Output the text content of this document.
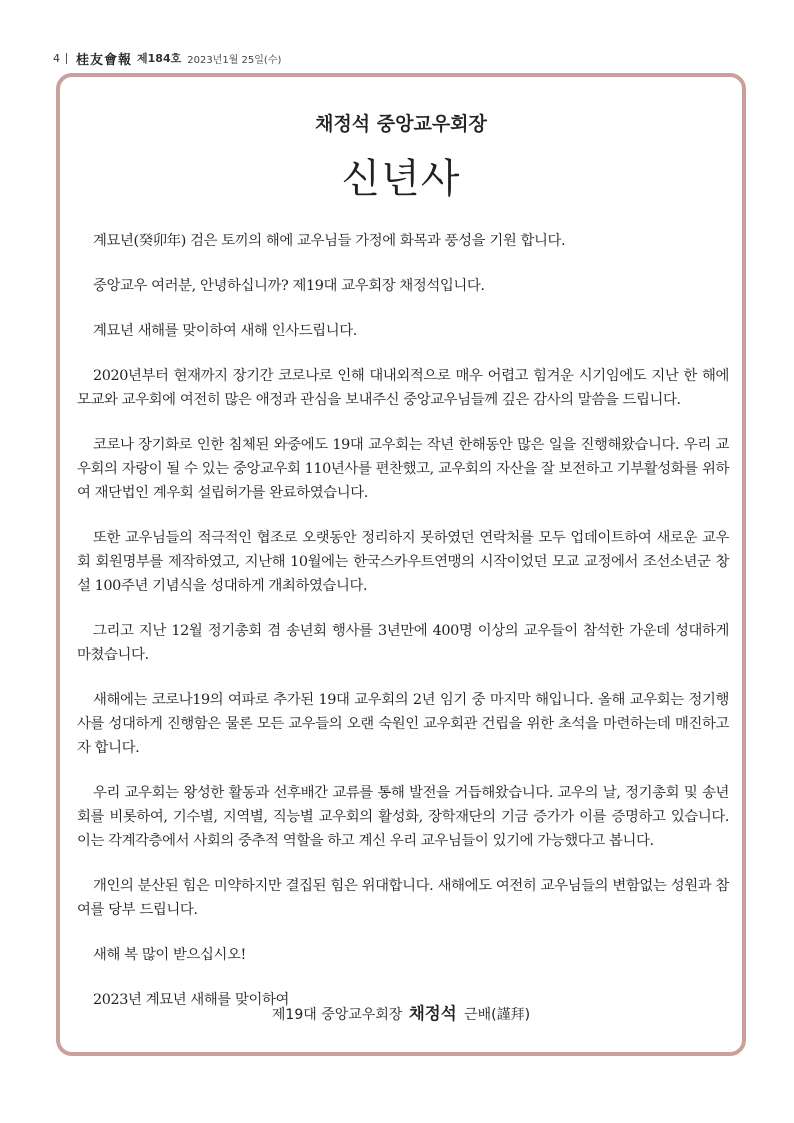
4 桂友會報 제184호 2023년1월 25일(수)
채정석 중앙교우회장
신년사

계묘년(癸卯年) 검은 토끼의 해에 교우님들 가정에 화목과 풍성을 기원 합니다.

중앙교우 여러분, 안녕하십니까? 제19대 교우회장 채정석입니다.

계묘년 새해를 맞이하여 새해 인사드립니다.

2020년부터 현재까지 장기간 코로나로 인해 대내외적으로 매우 어렵고 힘겨운 시기임에도 지난 한 해에 모교와 교우회에 여전히 많은 애정과 관심을 보내주신 중앙교우님들께 깊은 감사의 말씀을 드립니다.

코로나 장기화로 인한 침체된 와중에도 19대 교우회는 작년 한해동안 많은 일을 진행해왔습니다. 우리 교우회의 자랑이 될 수 있는 중앙교우회 110년사를 편찬했고, 교우회의 자산을 잘 보전하고 기부활성화를 위하여 재단법인 계우회 설립허가를 완료하였습니다.

또한 교우님들의 적극적인 협조로 오랫동안 정리하지 못하였던 연락처를 모두 업데이트하여 새로운 교우회 회원명부를 제작하였고, 지난해 10월에는 한국스카우트연맹의 시작이었던 모교 교정에서 조선소년군 창설 100주년 기념식을 성대하게 개최하였습니다.

그리고 지난 12월 정기총회 겸 송년회 행사를 3년만에 400명 이상의 교우들이 참석한 가운데 성대하게 마쳤습니다.

새해에는 코로나19의 여파로 추가된 19대 교우회의 2년 임기 중 마지막 해입니다. 올해 교우회는 정기행사를 성대하게 진행함은 물론 모든 교우들의 오랜 숙원인 교우회관 건립을 위한 초석을 마련하는데 매진하고자 합니다.

우리 교우회는 왕성한 활동과 선후배간 교류를 통해 발전을 거듭해왔습니다. 교우의 날, 정기총회 및 송년회를 비롯하여, 기수별, 지역별, 직능별 교우회의 활성화, 장학재단의 기금 증가가 이를 증명하고 있습니다. 이는 각계각층에서 사회의 중추적 역할을 하고 계신 우리 교우님들이 있기에 가능했다고 봅니다.

개인의 분산된 힘은 미약하지만 결집된 힘은 위대합니다. 새해에도 여전히 교우님들의 변함없는 성원과 참여를 당부 드립니다.

새해 복 많이 받으십시오!

2023년 계묘년 새해를 맞이하여

제19대 중앙교우회장 채정석 근배(謹拜)
